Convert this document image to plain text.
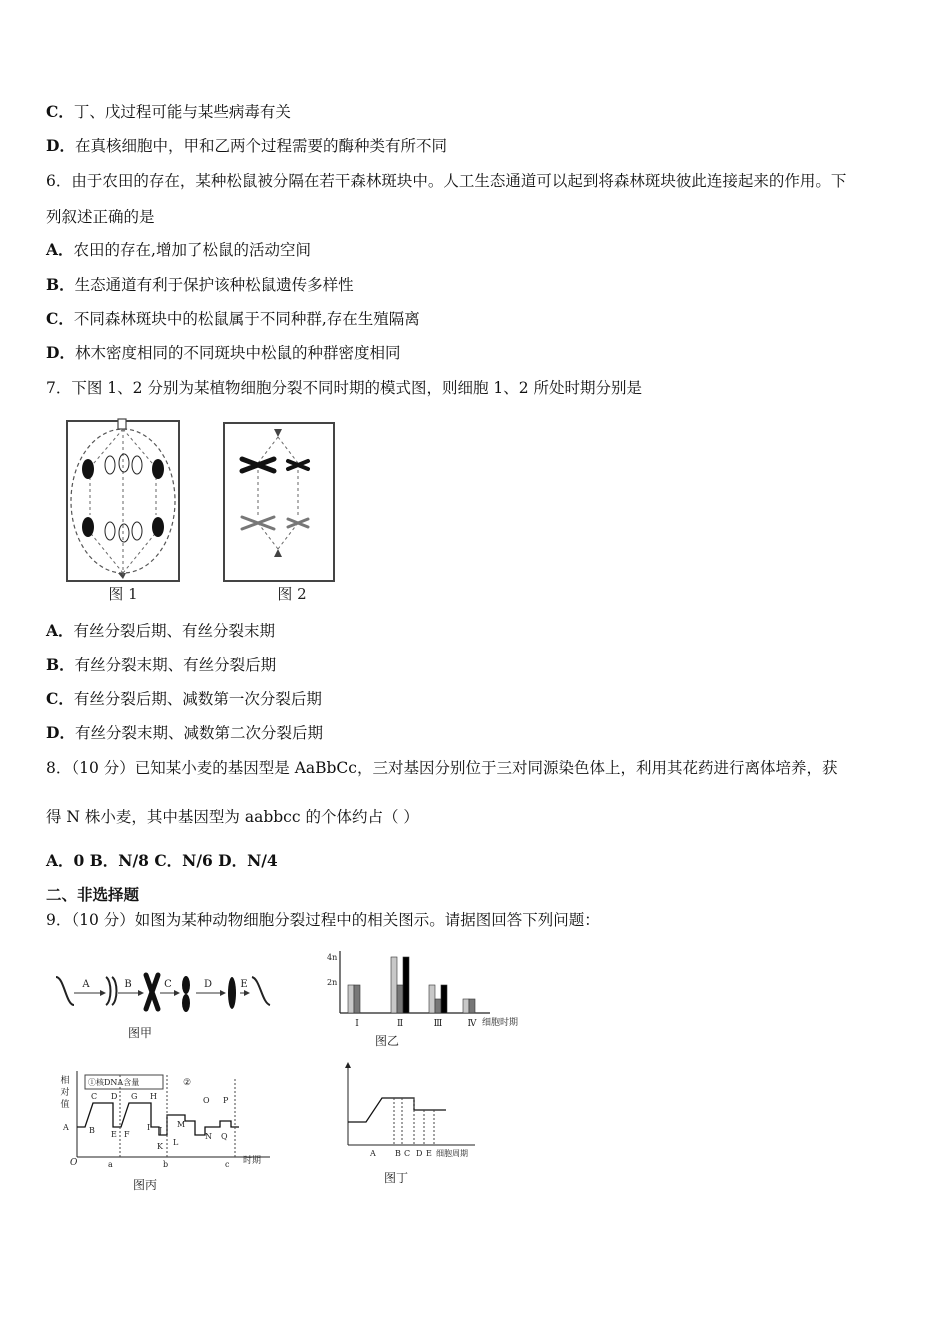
C．丁、戊过程可能与某些病毒有关
D．在真核细胞中，甲和乙两个过程需要的酶种类有所不同
6．由于农田的存在，某种松鼠被分隔在若干森林斑块中。人工生态通道可以起到将森林斑块彼此连接起来的作用。下
列叙述正确的是
A．农田的存在,增加了松鼠的活动空间
B．生态通道有利于保护该种松鼠遗传多样性
C．不同森林斑块中的松鼠属于不同种群,存在生殖隔离
D．林木密度相同的不同斑块中松鼠的种群密度相同
7．下图 1、2 分别为某植物细胞分裂不同时期的模式图，则细胞 1、2 所处时期分别是
图 1	图 2
A．有丝分裂后期、有丝分裂末期
B．有丝分裂末期、有丝分裂后期
C．有丝分裂后期、减数第一次分裂后期
D．有丝分裂末期、减数第二次分裂后期
8．（10 分）已知某小麦的基因型是 AaBbCc，三对基因分别位于三对同源染色体上，利用其花药进行离体培养，获
得 N 株小麦，其中基因型为 aabbcc 的个体约占（ ）
A．0 B．N/8 C．N/6 D．N/4
二、非选择题
9．（10 分）如图为某种动物细胞分裂过程中的相关图示。请据图回答下列问题：
A	B	C	D	E
图甲
4n
2n
Ⅰ	Ⅱ	Ⅲ	Ⅳ 细胞时期
图乙
相
对
值
O
①核DNA含量	②
A	B
C D
E F
G H
I J
K L
M
N
O P
Q
a	b	c 时期
图丙
A B C D E 细胞周期
图丁
